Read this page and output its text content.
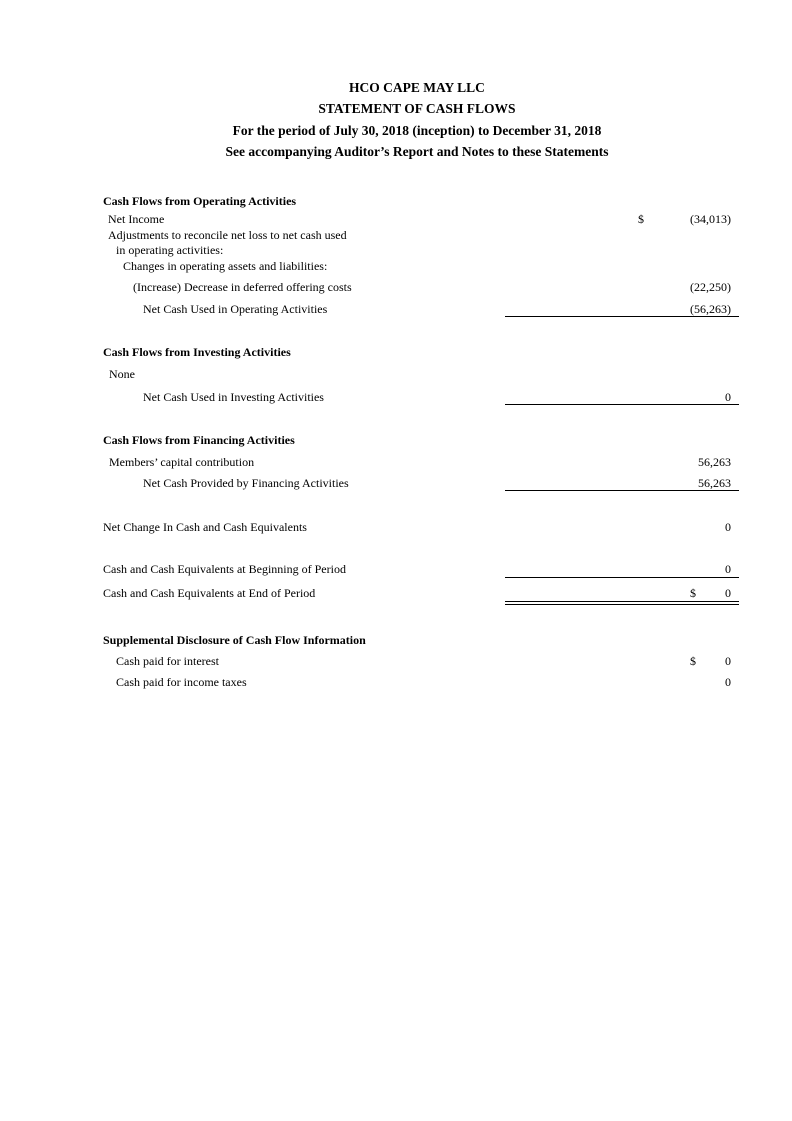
HCO CAPE MAY LLC
STATEMENT OF CASH FLOWS
For the period of July 30, 2018 (inception) to December 31, 2018
See accompanying Auditor’s Report and Notes to these Statements
Cash Flows from Operating Activities
Net Income	$	(34,013)
Adjustments to reconcile net loss to net cash used
in operating activities:
Changes in operating assets and liabilities:
(Increase) Decrease in deferred offering costs	(22,250)
Net Cash Used in Operating Activities	(56,263)
Cash Flows from Investing Activities
None
Net Cash Used in Investing Activities	0
Cash Flows from Financing Activities
Members’ capital contribution	56,263
Net Cash Provided by Financing Activities	56,263
Net Change In Cash and Cash Equivalents	0
Cash and Cash Equivalents at Beginning of Period	0
Cash and Cash Equivalents at End of Period	$ 0
Supplemental Disclosure of Cash Flow Information
Cash paid for interest	$ 0
Cash paid for income taxes	0
